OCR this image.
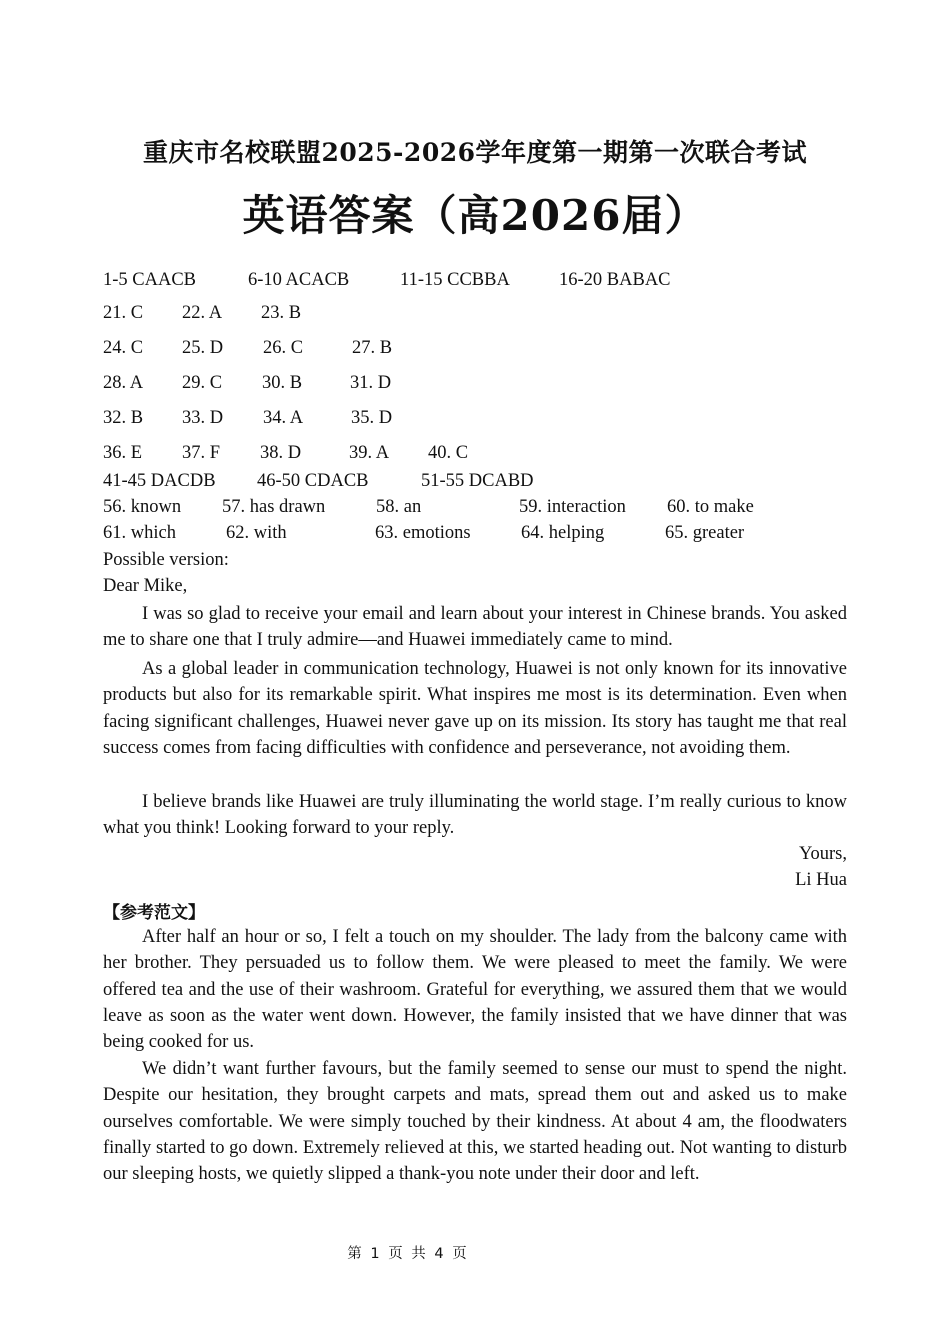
重庆市名校联盟2025-2026学年度第一期第一次联合考试
英语答案（高2026届）
1-5 CAACB	6-10 ACACB	11-15 CCBBA	16-20 BABAC
21. C 22. A 23. B
24. C 25. D 26. C	27. B
28. A 29. C 30. B	31. D
32. B 33. D 34. A	35. D
36. E 37. F 38. D	39. A 40. C
41-45 DACDB 46-50 CDACB	51-55 DCABD
56. known 57. has drawn	58. an	59. interaction 60. to make
61. which	62. with	63. emotions	64. helping	65. greater
Possible version:
Dear Mike,
I was so glad to receive your email and learn about your interest in Chinese brands. You asked me to share one that I truly admire—and Huawei immediately came to mind.
As a global leader in communication technology, Huawei is not only known for its innovative products but also for its remarkable spirit. What inspires me most is its determination. Even when facing significant challenges, Huawei never gave up on its mission. Its story has taught me that real success comes from facing difficulties with confidence and perseverance, not avoiding them.
I believe brands like Huawei are truly illuminating the world stage. I’m really curious to know what you think! Looking forward to your reply.
Yours,
Li Hua
【参考范文】
After half an hour or so, I felt a touch on my shoulder. The lady from the balcony came with her brother. They persuaded us to follow them. We were pleased to meet the family. We were offered tea and the use of their washroom. Grateful for everything, we assured them that we would leave as soon as the water went down. However, the family insisted that we have dinner that was being cooked for us.
We didn’t want further favours, but the family seemed to sense our must to spend the night. Despite our hesitation, they brought carpets and mats, spread them out and asked us to make ourselves comfortable. We were simply touched by their kindness. At about 4 am, the floodwaters finally started to go down. Extremely relieved at this, we started heading out. Not wanting to disturb our sleeping hosts, we quietly slipped a thank-you note under their door and left.
第 1 页 共 4 页
